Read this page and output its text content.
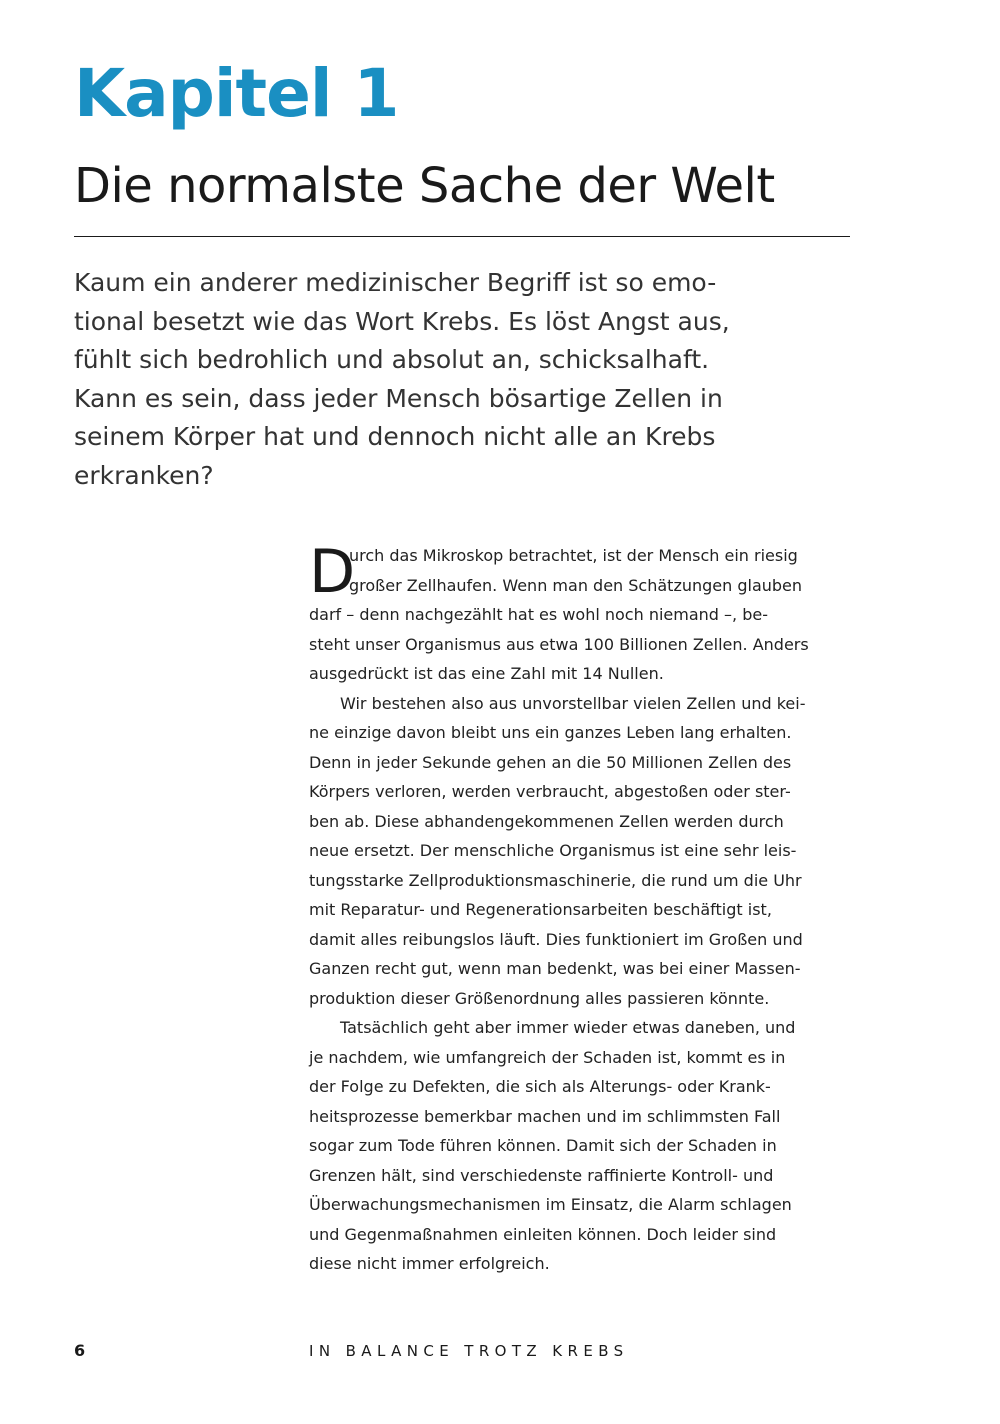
Kapitel 1
Die normalste Sache der Welt
Kaum ein anderer medizinischer Begriff ist so emo-
tional besetzt wie das Wort Krebs. Es löst Angst aus,
fühlt sich bedrohlich und absolut an, schicksalhaft.
Kann es sein, dass jeder Mensch bösartige Zellen in
seinem Körper hat und dennoch nicht alle an Krebs
erkranken?
D
urch das Mikroskop betrachtet, ist der Mensch ein riesig
großer Zellhaufen. Wenn man den Schätzungen glauben
darf – denn nachgezählt hat es wohl noch niemand –, be-
steht unser Organismus aus etwa 100 Billionen Zellen. Anders
ausgedrückt ist das eine Zahl mit 14 Nullen.
Wir bestehen also aus unvorstellbar vielen Zellen und kei-
ne einzige davon bleibt uns ein ganzes Leben lang erhalten.
Denn in jeder Sekunde gehen an die 50 Millionen Zellen des
Körpers verloren, werden verbraucht, abgestoßen oder ster-
ben ab. Diese abhandengekommenen Zellen werden durch
neue ersetzt. Der menschliche Organismus ist eine sehr leis-
tungsstarke Zellproduktionsmaschinerie, die rund um die Uhr
mit Reparatur- und Regenerationsarbeiten beschäftigt ist,
damit alles reibungslos läuft. Dies funktioniert im Großen und
Ganzen recht gut, wenn man bedenkt, was bei einer Massen-
produktion dieser Größenordnung alles passieren könnte.
Tatsächlich geht aber immer wieder etwas daneben, und
je nachdem, wie umfangreich der Schaden ist, kommt es in
der Folge zu Defekten, die sich als Alterungs- oder Krank-
heitsprozesse bemerkbar machen und im schlimmsten Fall
sogar zum Tode führen können. Damit sich der Schaden in
Grenzen hält, sind verschiedenste raffinierte Kontroll- und
Überwachungsmechanismen im Einsatz, die Alarm schlagen
und Gegenmaßnahmen einleiten können. Doch leider sind
diese nicht immer erfolgreich.
6	IN BALANCE TROTZ KREBS
